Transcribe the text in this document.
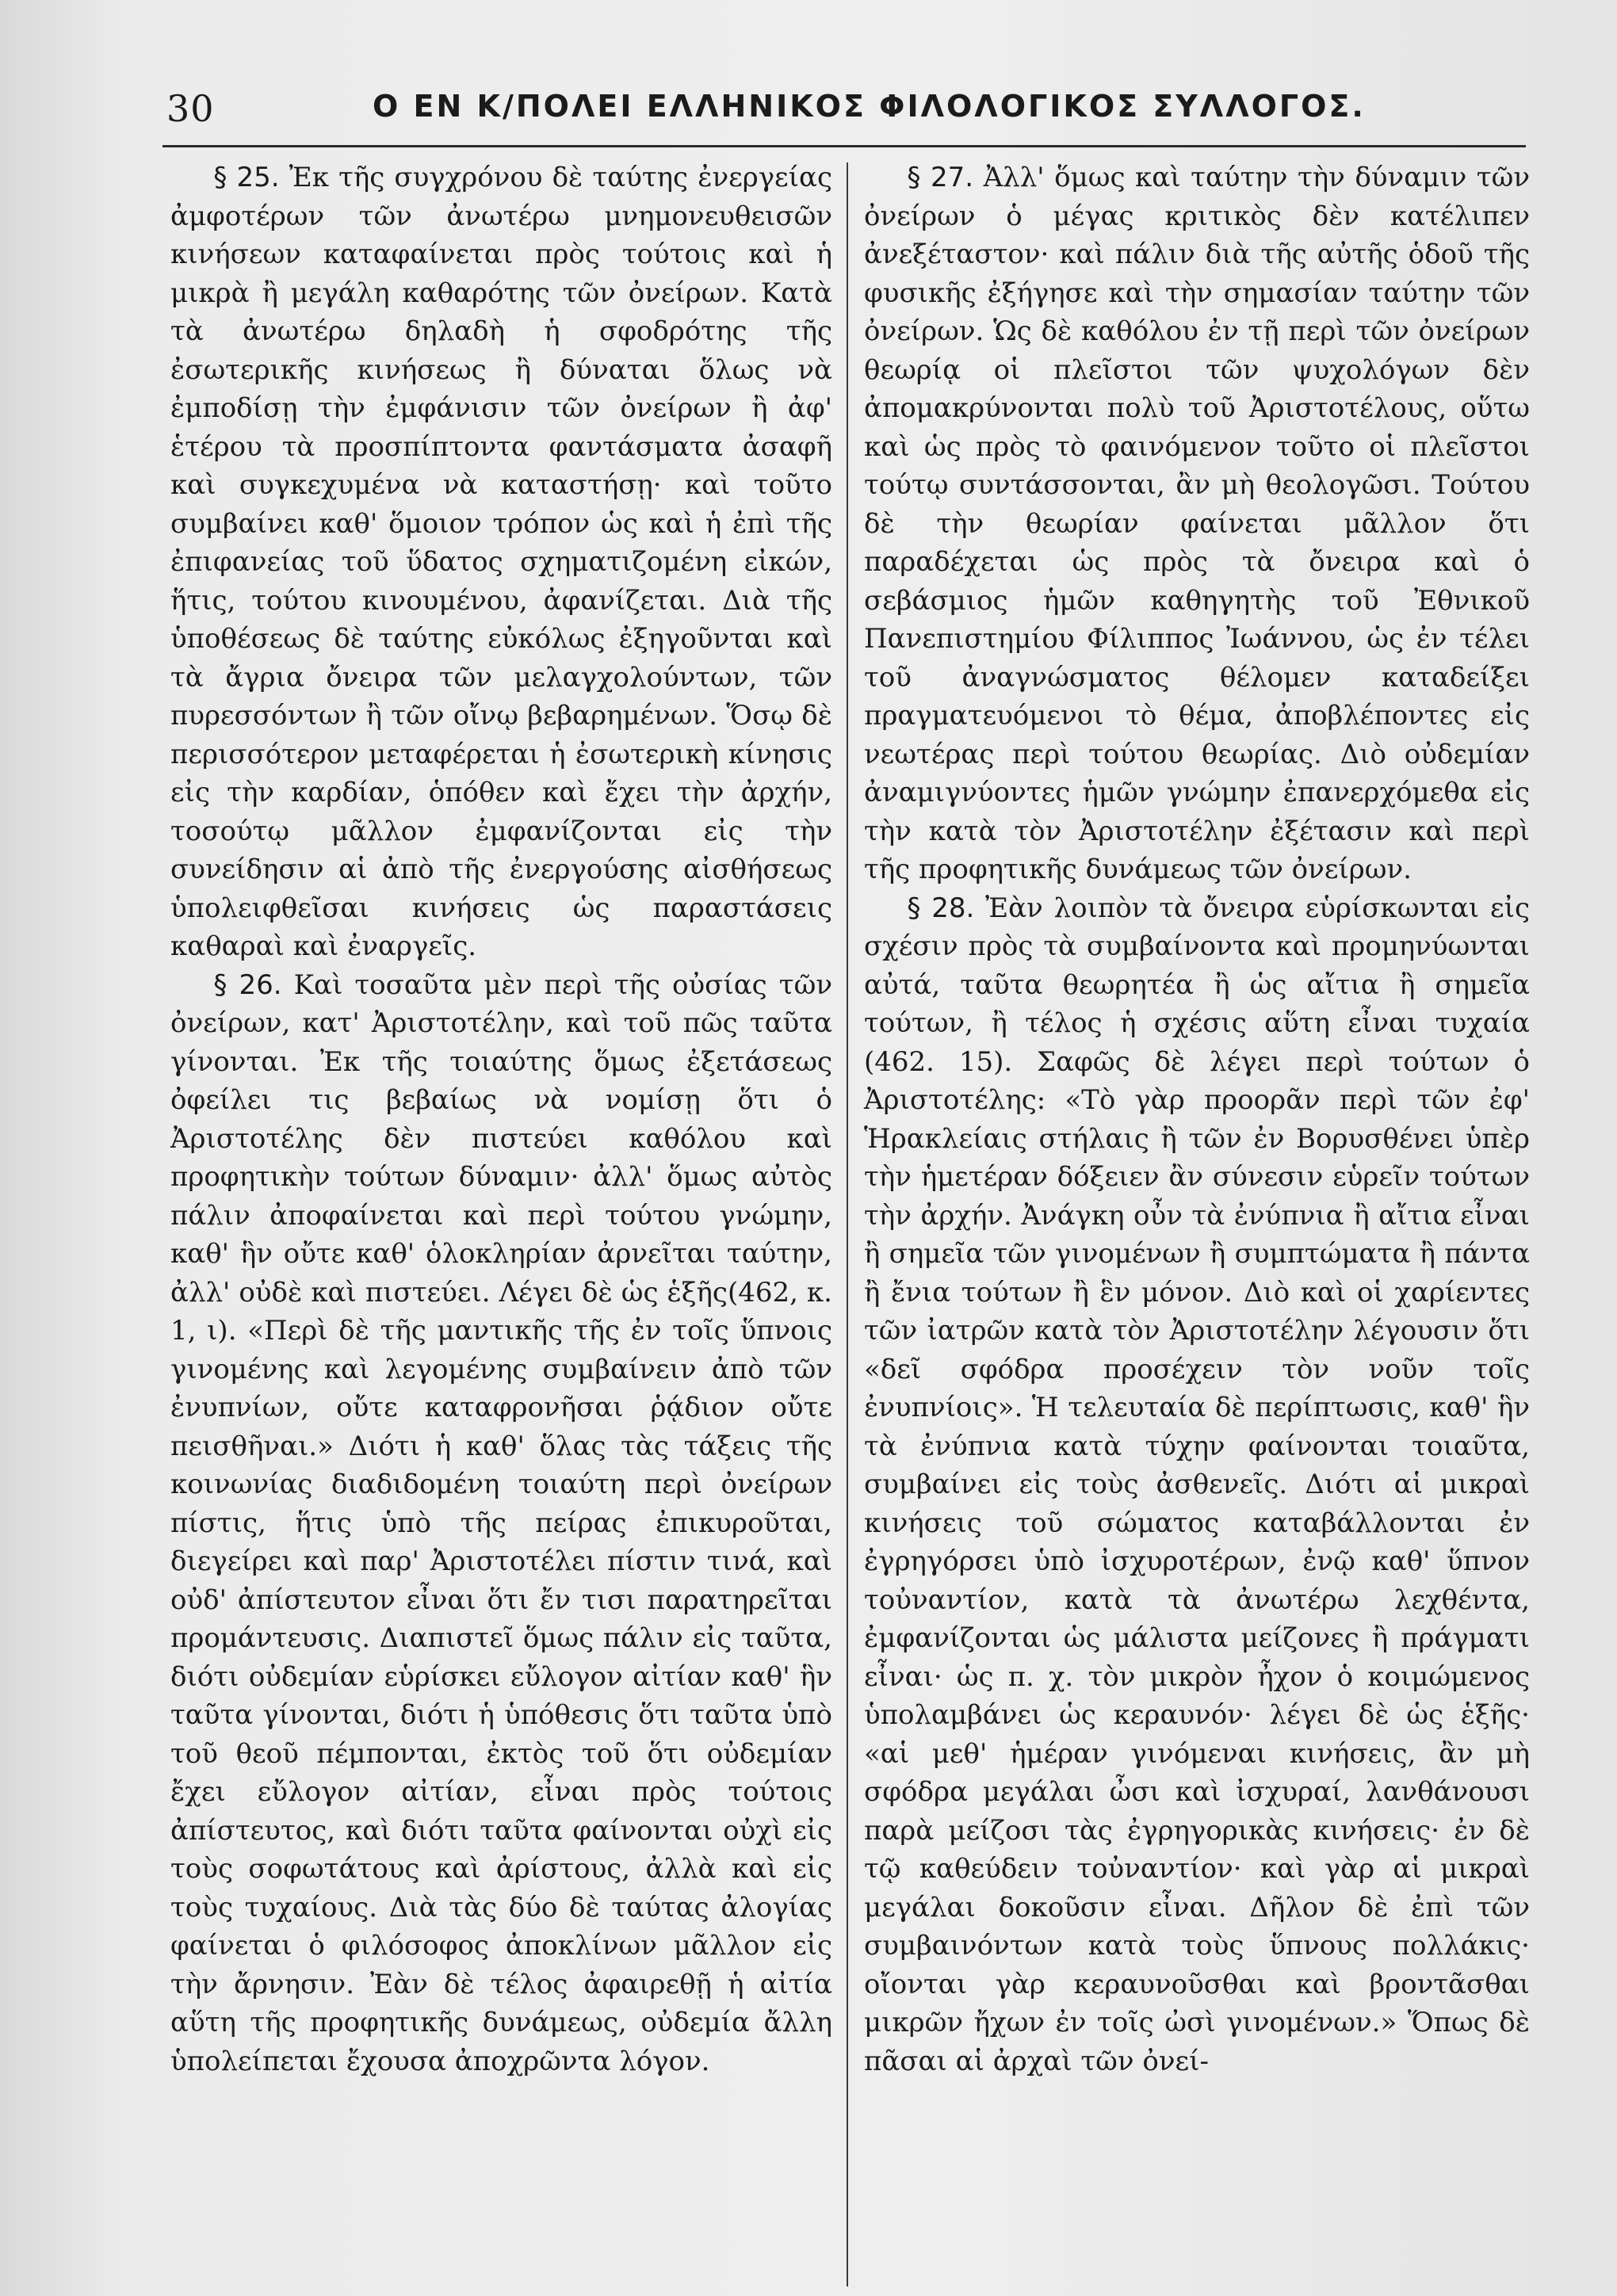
30	Ο ΕΝ Κ/ΠΟΛΕΙ ΕΛΛΗΝΙΚΟΣ ΦΙΛΟΛΟΓΙΚΟΣ ΣΥΛΛΟΓΟΣ.

§ 25. Ἐκ τῆς συγχρόνου δὲ ταύτης ἐνεργείας ἀμφοτέρων τῶν ἀνωτέρω μνημονευθεισῶν κινήσεων καταφαίνεται πρὸς τούτοις καὶ ἡ μικρὰ ἢ μεγάλη καθαρότης τῶν ὀνείρων. Κατὰ τὰ ἀνωτέρω δηλαδὴ ἡ σφοδρότης τῆς ἐσωτερικῆς κινήσεως ἢ δύναται ὅλως νὰ ἐμποδίσῃ τὴν ἐμφάνισιν τῶν ὀνείρων ἢ ἀφ' ἑτέρου τὰ προσπίπτοντα φαντάσματα ἀσαφῆ καὶ συγκεχυμένα νὰ καταστήσῃ· καὶ τοῦτο συμβαίνει καθ' ὅμοιον τρόπον ὡς καὶ ἡ ἐπὶ τῆς ἐπιφανείας τοῦ ὕδατος σχηματιζομένη εἰκών, ἥτις, τούτου κινουμένου, ἀφανίζεται. Διὰ τῆς ὑποθέσεως δὲ ταύτης εὐκόλως ἐξηγοῦνται καὶ τὰ ἄγρια ὄνειρα τῶν μελαγχολούντων, τῶν πυρεσσόντων ἢ τῶν οἴνῳ βεβαρημένων. Ὅσῳ δὲ περισσότερον μεταφέρεται ἡ ἐσωτερικὴ κίνησις εἰς τὴν καρδίαν, ὁπόθεν καὶ ἔχει τὴν ἀρχήν, τοσούτῳ μᾶλλον ἐμφανίζονται εἰς τὴν συνείδησιν αἱ ἀπὸ τῆς ἐνεργούσης αἰσθήσεως ὑπολειφθεῖσαι κινήσεις ὡς παραστάσεις καθαραὶ καὶ ἐναργεῖς.

§ 26. Καὶ τοσαῦτα μὲν περὶ τῆς οὐσίας τῶν ὀνείρων, κατ' Ἀριστοτέλην, καὶ τοῦ πῶς ταῦτα γίνονται. Ἐκ τῆς τοιαύτης ὅμως ἐξετάσεως ὀφείλει τις βεβαίως νὰ νομίσῃ ὅτι ὁ Ἀριστοτέλης δὲν πιστεύει καθόλου καὶ προφητικὴν τούτων δύναμιν· ἀλλ' ὅμως αὐτὸς πάλιν ἀποφαίνεται καὶ περὶ τούτου γνώμην, καθ' ἣν οὔτε καθ' ὁλοκληρίαν ἀρνεῖται ταύτην, ἀλλ' οὐδὲ καὶ πιστεύει. Λέγει δὲ ὡς ἑξῆς(462, κ. 1, ι). «Περὶ δὲ τῆς μαντικῆς τῆς ἐν τοῖς ὕπνοις γινομένης καὶ λεγομένης συμβαίνειν ἀπὸ τῶν ἐνυπνίων, οὔτε καταφρονῆσαι ῥᾴδιον οὔτε πεισθῆναι.» Διότι ἡ καθ' ὅλας τὰς τάξεις τῆς κοινωνίας διαδιδομένη τοιαύτη περὶ ὀνείρων πίστις, ἥτις ὑπὸ τῆς πείρας ἐπικυροῦται, διεγείρει καὶ παρ' Ἀριστοτέλει πίστιν τινά, καὶ οὐδ' ἀπίστευτον εἶναι ὅτι ἔν τισι παρατηρεῖται προμάντευσις. Διαπιστεῖ ὅμως πάλιν εἰς ταῦτα, διότι οὐδεμίαν εὑρίσκει εὔλογον αἰτίαν καθ' ἣν ταῦτα γίνονται, διότι ἡ ὑπόθεσις ὅτι ταῦτα ὑπὸ τοῦ θεοῦ πέμπονται, ἐκτὸς τοῦ ὅτι οὐδεμίαν ἔχει εὔλογον αἰτίαν, εἶναι πρὸς τούτοις ἀπίστευτος, καὶ διότι ταῦτα φαίνονται οὐχὶ εἰς τοὺς σοφωτάτους καὶ ἀρίστους, ἀλλὰ καὶ εἰς τοὺς τυχαίους. Διὰ τὰς δύο δὲ ταύτας ἀλογίας φαίνεται ὁ φιλόσοφος ἀποκλίνων μᾶλλον εἰς τὴν ἄρνησιν. Ἐὰν δὲ τέλος ἀφαιρεθῇ ἡ αἰτία αὕτη τῆς προφητικῆς δυνάμεως, οὐδεμία ἄλλη ὑπολείπεται ἔχουσα ἀποχρῶντα λόγον.

§ 27. Ἀλλ' ὅμως καὶ ταύτην τὴν δύναμιν τῶν ὀνείρων ὁ μέγας κριτικὸς δὲν κατέλιπεν ἀνεξέταστον· καὶ πάλιν διὰ τῆς αὐτῆς ὁδοῦ τῆς φυσικῆς ἐξήγησε καὶ τὴν σημασίαν ταύτην τῶν ὀνείρων. Ὡς δὲ καθόλου ἐν τῇ περὶ τῶν ὀνείρων θεωρίᾳ οἱ πλεῖστοι τῶν ψυχολόγων δὲν ἀπομακρύνονται πολὺ τοῦ Ἀριστοτέλους, οὕτω καὶ ὡς πρὸς τὸ φαινόμενον τοῦτο οἱ πλεῖστοι τούτῳ συντάσσονται, ἂν μὴ θεολογῶσι. Τούτου δὲ τὴν θεωρίαν φαίνεται μᾶλλον ὅτι παραδέχεται ὡς πρὸς τὰ ὄνειρα καὶ ὁ σεβάσμιος ἡμῶν καθηγητὴς τοῦ Ἐθνικοῦ Πανεπιστημίου Φίλιππος Ἰωάννου, ὡς ἐν τέλει τοῦ ἀναγνώσματος θέλομεν καταδείξει πραγματευόμενοι τὸ θέμα, ἀποβλέποντες εἰς νεωτέρας περὶ τούτου θεωρίας. Διὸ οὐδεμίαν ἀναμιγνύοντες ἡμῶν γνώμην ἐπανερχόμεθα εἰς τὴν κατὰ τὸν Ἀριστοτέλην ἐξέτασιν καὶ περὶ τῆς προφητικῆς δυνάμεως τῶν ὀνείρων.

§ 28. Ἐὰν λοιπὸν τὰ ὄνειρα εὑρίσκωνται εἰς σχέσιν πρὸς τὰ συμβαίνοντα καὶ προμηνύωνται αὐτά, ταῦτα θεωρητέα ἢ ὡς αἴτια ἢ σημεῖα τούτων, ἢ τέλος ἡ σχέσις αὕτη εἶναι τυχαία (462. 15). Σαφῶς δὲ λέγει περὶ τούτων ὁ Ἀριστοτέλης: «Τὸ γὰρ προορᾶν περὶ τῶν ἐφ' Ἡρακλείαις στήλαις ἢ τῶν ἐν Βορυσθένει ὑπὲρ τὴν ἡμετέραν δόξειεν ἂν σύνεσιν εὑρεῖν τούτων τὴν ἀρχήν. Ἀνάγκη οὖν τὰ ἐνύπνια ἢ αἴτια εἶναι ἢ σημεῖα τῶν γινομένων ἢ συμπτώματα ἢ πάντα ἢ ἔνια τούτων ἢ ἓν μόνον. Διὸ καὶ οἱ χαρίεντες τῶν ἰατρῶν κατὰ τὸν Ἀριστοτέλην λέγουσιν ὅτι «δεῖ σφόδρα προσέχειν τὸν νοῦν τοῖς ἐνυπνίοις». Ἡ τελευταία δὲ περίπτωσις, καθ' ἣν τὰ ἐνύπνια κατὰ τύχην φαίνονται τοιαῦτα, συμβαίνει εἰς τοὺς ἀσθενεῖς. Διότι αἱ μικραὶ κινήσεις τοῦ σώματος καταβάλλονται ἐν ἐγρηγόρσει ὑπὸ ἰσχυροτέρων, ἐνῷ καθ' ὕπνον τοὐναντίον, κατὰ τὰ ἀνωτέρω λεχθέντα, ἐμφανίζονται ὡς μάλιστα μείζονες ἢ πράγματι εἶναι· ὡς π. χ. τὸν μικρὸν ἦχον ὁ κοιμώμενος ὑπολαμβάνει ὡς κεραυνόν· λέγει δὲ ὡς ἑξῆς· «αἱ μεθ' ἡμέραν γινόμεναι κινήσεις, ἂν μὴ σφόδρα μεγάλαι ὦσι καὶ ἰσχυραί, λανθάνουσι παρὰ μείζοσι τὰς ἐγρηγορικὰς κινήσεις· ἐν δὲ τῷ καθεύδειν τοὐναντίον· καὶ γὰρ αἱ μικραὶ μεγάλαι δοκοῦσιν εἶναι. Δῆλον δὲ ἐπὶ τῶν συμβαινόντων κατὰ τοὺς ὕπνους πολλάκις· οἴονται γὰρ κεραυνοῦσθαι καὶ βροντᾶσθαι μικρῶν ἤχων ἐν τοῖς ὠσὶ γινομένων.» Ὅπως δὲ πᾶσαι αἱ ἀρχαὶ τῶν ὀνεί-
